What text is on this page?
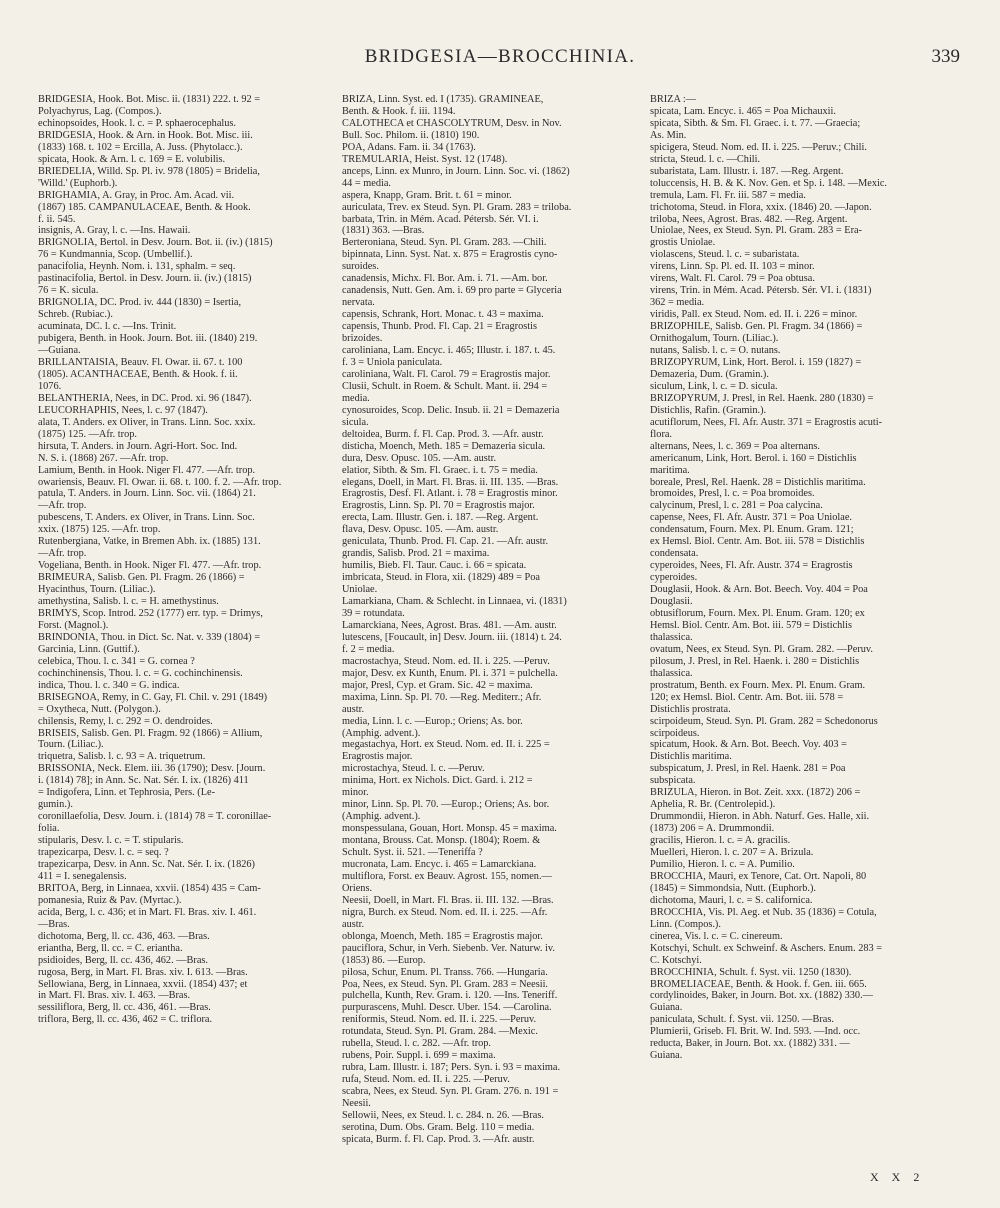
BRIDGESIA—BROCCHINIA.	339

BRIDGESIA, Hook. Bot. Misc. ii. (1831) 222. t. 92 =

Polyachyrus, Lag. (Compos.).

echinopsoides, Hook. l. c. = P. sphaerocephalus.

BRIDGESIA, Hook. & Arn. in Hook. Bot. Misc. iii.

(1833) 168. t. 102 = Ercilla, A. Juss. (Phytolacc.).

spicata, Hook. & Arn. l. c. 169 = E. volubilis.

BRIEDELIA, Willd. Sp. Pl. iv. 978 (1805) = Bridelia,

'Willd.' (Euphorb.).

BRIGHAMIA, A. Gray, in Proc. Am. Acad. vii.

(1867) 185. CAMPANULACEAE, Benth. & Hook.

f. ii. 545.

insignis, A. Gray, l. c. —Ins. Hawaii.

BRIGNOLIA, Bertol. in Desv. Journ. Bot. ii. (iv.) (1815)

76 = Kundmannia, Scop. (Umbellif.).

panacifolia, Heynh. Nom. i. 131, sphalm. = seq.

pastinacifolia, Bertol. in Desv. Journ. ii. (iv.) (1815)

76 = K. sicula.

BRIGNOLIA, DC. Prod. iv. 444 (1830) = Isertia,

Schreb. (Rubiac.).

acuminata, DC. l. c. —Ins. Trinit.

pubigera, Benth. in Hook. Journ. Bot. iii. (1840) 219.

—Guiana.

BRILLANTAISIA, Beauv. Fl. Owar. ii. 67. t. 100

(1805). ACANTHACEAE, Benth. & Hook. f. ii.

1076.

BELANTHERIA, Nees, in DC. Prod. xi. 96 (1847).

LEUCORHAPHIS, Nees, l. c. 97 (1847).

alata, T. Anders. ex Oliver, in Trans. Linn. Soc. xxix.

(1875) 125. —Afr. trop.

hirsuta, T. Anders. in Journ. Agri-Hort. Soc. Ind.

N. S. i. (1868) 267. —Afr. trop.

Lamium, Benth. in Hook. Niger Fl. 477. —Afr. trop.

owariensis, Beauv. Fl. Owar. ii. 68. t. 100. f. 2. —Afr. trop.

patula, T. Anders. in Journ. Linn. Soc. vii. (1864) 21.

—Afr. trop.

pubescens, T. Anders. ex Oliver, in Trans. Linn. Soc.

xxix. (1875) 125. —Afr. trop.

Rutenbergiana, Vatke, in Bremen Abh. ix. (1885) 131.

—Afr. trop.

Vogeliana, Benth. in Hook. Niger Fl. 477. —Afr. trop.

BRIMEURA, Salisb. Gen. Pl. Fragm. 26 (1866) =

Hyacinthus, Tourn. (Liliac.).

amethystina, Salisb. l. c. = H. amethystinus.

BRIMYS, Scop. Introd. 252 (1777) err. typ. = Drimys,

Forst. (Magnol.).

BRINDONIA, Thou. in Dict. Sc. Nat. v. 339 (1804) =

Garcinia, Linn. (Guttif.).

celebica, Thou. l. c. 341 = G. cornea ?

cochinchinensis, Thou. l. c. = G. cochinchinensis.

indica, Thou. l. c. 340 = G. indica.

BRISEGNOA, Remy, in C. Gay, Fl. Chil. v. 291 (1849)

= Oxytheca, Nutt. (Polygon.).

chilensis, Remy, l. c. 292 = O. dendroides.

BRISEIS, Salisb. Gen. Pl. Fragm. 92 (1866) = Allium,

Tourn. (Liliac.).

triquetra, Salisb. l. c. 93 = A. triquetrum.

BRISSONIA, Neck. Elem. iii. 36 (1790); Desv. [Journ.

i. (1814) 78]; in Ann. Sc. Nat. Sér. I. ix. (1826) 411

= Indigofera, Linn. et Tephrosia, Pers. (Le-

gumin.).

coronillaefolia, Desv. Journ. i. (1814) 78 = T. coronillae-

folia.

stipularis, Desv. l. c. = T. stipularis.

trapezicarpa, Desv. l. c. = seq. ?

trapezicarpa, Desv. in Ann. Sc. Nat. Sér. I. ix. (1826)

411 = I. senegalensis.

BRITOA, Berg, in Linnaea, xxvii. (1854) 435 = Cam-

pomanesia, Ruiz & Pav. (Myrtac.).

acida, Berg, l. c. 436; et in Mart. Fl. Bras. xiv. I. 461.

—Bras.

dichotoma, Berg, ll. cc. 436, 463. —Bras.

eriantha, Berg, ll. cc. = C. eriantha.

psidioides, Berg, ll. cc. 436, 462. —Bras.

rugosa, Berg, in Mart. Fl. Bras. xiv. I. 613. —Bras.

Sellowiana, Berg, in Linnaea, xxvii. (1854) 437; et

in Mart. Fl. Bras. xiv. I. 463. —Bras.

sessiliflora, Berg, ll. cc. 436, 461. —Bras.

triflora, Berg, ll. cc. 436, 462 = C. triflora.

BRIZA, Linn. Syst. ed. I (1735). GRAMINEAE,

Benth. & Hook. f. iii. 1194.

CALOTHECA et CHASCOLYTRUM, Desv. in Nov.

Bull. Soc. Philom. ii. (1810) 190.

POA, Adans. Fam. ii. 34 (1763).

TREMULARIA, Heist. Syst. 12 (1748).

anceps, Linn. ex Munro, in Journ. Linn. Soc. vi. (1862)

44 = media.

aspera, Knapp, Gram. Brit. t. 61 = minor.

auriculata, Trev. ex Steud. Syn. Pl. Gram. 283 = triloba.

barbata, Trin. in Mém. Acad. Pétersb. Sér. VI. i.

(1831) 363. —Bras.

Berteroniana, Steud. Syn. Pl. Gram. 283. —Chili.

bipinnata, Linn. Syst. Nat. x. 875 = Eragrostis cyno-

suroides.

canadensis, Michx. Fl. Bor. Am. i. 71. —Am. bor.

canadensis, Nutt. Gen. Am. i. 69 pro parte = Glyceria

nervata.

capensis, Schrank, Hort. Monac. t. 43 = maxima.

capensis, Thunb. Prod. Fl. Cap. 21 = Eragrostis

brizoides.

caroliniana, Lam. Encyc. i. 465; Illustr. i. 187. t. 45.

f. 3 = Uniola paniculata.

caroliniana, Walt. Fl. Carol. 79 = Eragrostis major.

Clusii, Schult. in Roem. & Schult. Mant. ii. 294 =

media.

cynosuroides, Scop. Delic. Insub. ii. 21 = Demazeria

sicula.

deltoidea, Burm. f. Fl. Cap. Prod. 3. —Afr. austr.

disticha, Moench, Meth. 185 = Demazeria sicula.

dura, Desv. Opusc. 105. —Am. austr.

elatior, Sibth. & Sm. Fl. Graec. i. t. 75 = media.

elegans, Doell, in Mart. Fl. Bras. ii. III. 135. —Bras.

Eragrostis, Desf. Fl. Atlant. i. 78 = Eragrostis minor.

Eragrostis, Linn. Sp. Pl. 70 = Eragrostis major.

erecta, Lam. Illustr. Gen. i. 187. —Reg. Argent.

flava, Desv. Opusc. 105. —Am. austr.

geniculata, Thunb. Prod. Fl. Cap. 21. —Afr. austr.

grandis, Salisb. Prod. 21 = maxima.

humilis, Bieb. Fl. Taur. Cauc. i. 66 = spicata.

imbricata, Steud. in Flora, xii. (1829) 489 = Poa

Uniolae.

Lamarkiana, Cham. & Schlecht. in Linnaea, vi. (1831)

39 = rotundata.

Lamarckiana, Nees, Agrost. Bras. 481. —Am. austr.

lutescens, [Foucault, in] Desv. Journ. iii. (1814) t. 24.

f. 2 = media.

macrostachya, Steud. Nom. ed. II. i. 225. —Peruv.

major, Desv. ex Kunth, Enum. Pl. i. 371 = pulchella.

major, Presl, Cyp. et Gram. Sic. 42 = maxima.

maxima, Linn. Sp. Pl. 70. —Reg. Mediterr.; Afr.

austr.

media, Linn. l. c. —Europ.; Oriens; As. bor.

(Amphig. advent.).

megastachya, Hort. ex Steud. Nom. ed. II. i. 225 =

Eragrostis major.

microstachya, Steud. l. c. —Peruv.

minima, Hort. ex Nichols. Dict. Gard. i. 212 =

minor.

minor, Linn. Sp. Pl. 70. —Europ.; Oriens; As. bor.

(Amphig. advent.).

monspessulana, Gouan, Hort. Monsp. 45 = maxima.

montana, Brouss. Cat. Monsp. (1804); Roem. &

Schult. Syst. ii. 521. —Teneriffa ?

mucronata, Lam. Encyc. i. 465 = Lamarckiana.

multiflora, Forst. ex Beauv. Agrost. 155, nomen.—

Oriens.

Neesii, Doell, in Mart. Fl. Bras. ii. III. 132. —Bras.

nigra, Burch. ex Steud. Nom. ed. II. i. 225. —Afr.

austr.

oblonga, Moench, Meth. 185 = Eragrostis major.

pauciflora, Schur, in Verh. Siebenb. Ver. Naturw. iv.

(1853) 86. —Europ.

pilosa, Schur, Enum. Pl. Transs. 766. —Hungaria.

Poa, Nees, ex Steud. Syn. Pl. Gram. 283 = Neesii.

pulchella, Kunth, Rev. Gram. i. 120. —Ins. Teneriff.

purpurascens, Muhl. Descr. Uber. 154. —Carolina.

reniformis, Steud. Nom. ed. II. i. 225. —Peruv.

rotundata, Steud. Syn. Pl. Gram. 284. —Mexic.

rubella, Steud. l. c. 282. —Afr. trop.

rubens, Poir. Suppl. i. 699 = maxima.

rubra, Lam. Illustr. i. 187; Pers. Syn. i. 93 = maxima.

rufa, Steud. Nom. ed. II. i. 225. —Peruv.

scabra, Nees, ex Steud. Syn. Pl. Gram. 276. n. 191 =

Neesii.

Sellowii, Nees, ex Steud. l. c. 284. n. 26. —Bras.

serotina, Dum. Obs. Gram. Belg. 110 = media.

spicata, Burm. f. Fl. Cap. Prod. 3. —Afr. austr.

BRIZA :—

spicata, Lam. Encyc. i. 465 = Poa Michauxii.

spicata, Sibth. & Sm. Fl. Graec. i. t. 77. —Graecia;

As. Min.

spicigera, Steud. Nom. ed. II. i. 225. —Peruv.; Chili.

stricta, Steud. l. c. —Chili.

subaristata, Lam. Illustr. i. 187. —Reg. Argent.

toluccensis, H. B. & K. Nov. Gen. et Sp. i. 148. —Mexic.

tremula, Lam. Fl. Fr. iii. 587 = media.

trichotoma, Steud. in Flora, xxix. (1846) 20. —Japon.

triloba, Nees, Agrost. Bras. 482. —Reg. Argent.

Uniolae, Nees, ex Steud. Syn. Pl. Gram. 283 = Era-

grostis Uniolae.

violascens, Steud. l. c. = subaristata.

virens, Linn. Sp. Pl. ed. II. 103 = minor.

virens, Walt. Fl. Carol. 79 = Poa obtusa.

virens, Trin. in Mém. Acad. Pétersb. Sér. VI. i. (1831)

362 = media.

viridis, Pall. ex Steud. Nom. ed. II. i. 226 = minor.

BRIZOPHILE, Salisb. Gen. Pl. Fragm. 34 (1866) =

Ornithogalum, Tourn. (Liliac.).

nutans, Salisb. l. c. = O. nutans.

BRIZOPYRUM, Link, Hort. Berol. i. 159 (1827) =

Demazeria, Dum. (Gramin.).

siculum, Link, l. c. = D. sicula.

BRIZOPYRUM, J. Presl, in Rel. Haenk. 280 (1830) =

Distichlis, Rafin. (Gramin.).

acutiflorum, Nees, Fl. Afr. Austr. 371 = Eragrostis acuti-

flora.

alternans, Nees, l. c. 369 = Poa alternans.

americanum, Link, Hort. Berol. i. 160 = Distichlis

maritima.

boreale, Presl, Rel. Haenk. 28 = Distichlis maritima.

bromoides, Presl, l. c. = Poa bromoides.

calycinum, Presl, l. c. 281 = Poa calycina.

capense, Nees, Fl. Afr. Austr. 371 = Poa Uniolae.

condensatum, Fourn. Mex. Pl. Enum. Gram. 121;

ex Hemsl. Biol. Centr. Am. Bot. iii. 578 = Distichlis

condensata.

cyperoides, Nees, Fl. Afr. Austr. 374 = Eragrostis

cyperoides.

Douglasii, Hook. & Arn. Bot. Beech. Voy. 404 = Poa

Douglasii.

obtusiflorum, Fourn. Mex. Pl. Enum. Gram. 120; ex

Hemsl. Biol. Centr. Am. Bot. iii. 579 = Distichlis

thalassica.

ovatum, Nees, ex Steud. Syn. Pl. Gram. 282. —Peruv.

pilosum, J. Presl, in Rel. Haenk. i. 280 = Distichlis

thalassica.

prostratum, Benth. ex Fourn. Mex. Pl. Enum. Gram.

120; ex Hemsl. Biol. Centr. Am. Bot. iii. 578 =

Distichlis prostrata.

scirpoideum, Steud. Syn. Pl. Gram. 282 = Schedonorus

scirpoideus.

spicatum, Hook. & Arn. Bot. Beech. Voy. 403 =

Distichlis maritima.

subspicatum, J. Presl, in Rel. Haenk. 281 = Poa

subspicata.

BRIZULA, Hieron. in Bot. Zeit. xxx. (1872) 206 =

Aphelia, R. Br. (Centrolepid.).

Drummondii, Hieron. in Abh. Naturf. Ges. Halle, xii.

(1873) 206 = A. Drummondii.

gracilis, Hieron. l. c. = A. gracilis.

Muelleri, Hieron. l. c. 207 = A. Brizula.

Pumilio, Hieron. l. c. = A. Pumilio.

BROCCHIA, Mauri, ex Tenore, Cat. Ort. Napoli, 80

(1845) = Simmondsia, Nutt. (Euphorb.).

dichotoma, Mauri, l. c. = S. californica.

BROCCHIA, Vis. Pl. Aeg. et Nub. 35 (1836) = Cotula,

Linn. (Compos.).

cinerea, Vis. l. c. = C. cinereum.

Kotschyi, Schult. ex Schweinf. & Aschers. Enum. 283 =

C. Kotschyi.

BROCCHINIA, Schult. f. Syst. vii. 1250 (1830).

BROMELIACEAE, Benth. & Hook. f. Gen. iii. 665.

cordylinoides, Baker, in Journ. Bot. xx. (1882) 330.—

Guiana.

paniculata, Schult. f. Syst. vii. 1250. —Bras.

Plumierii, Griseb. Fl. Brit. W. Ind. 593. —Ind. occ.

reducta, Baker, in Journ. Bot. xx. (1882) 331. —

Guiana.

X X 2
